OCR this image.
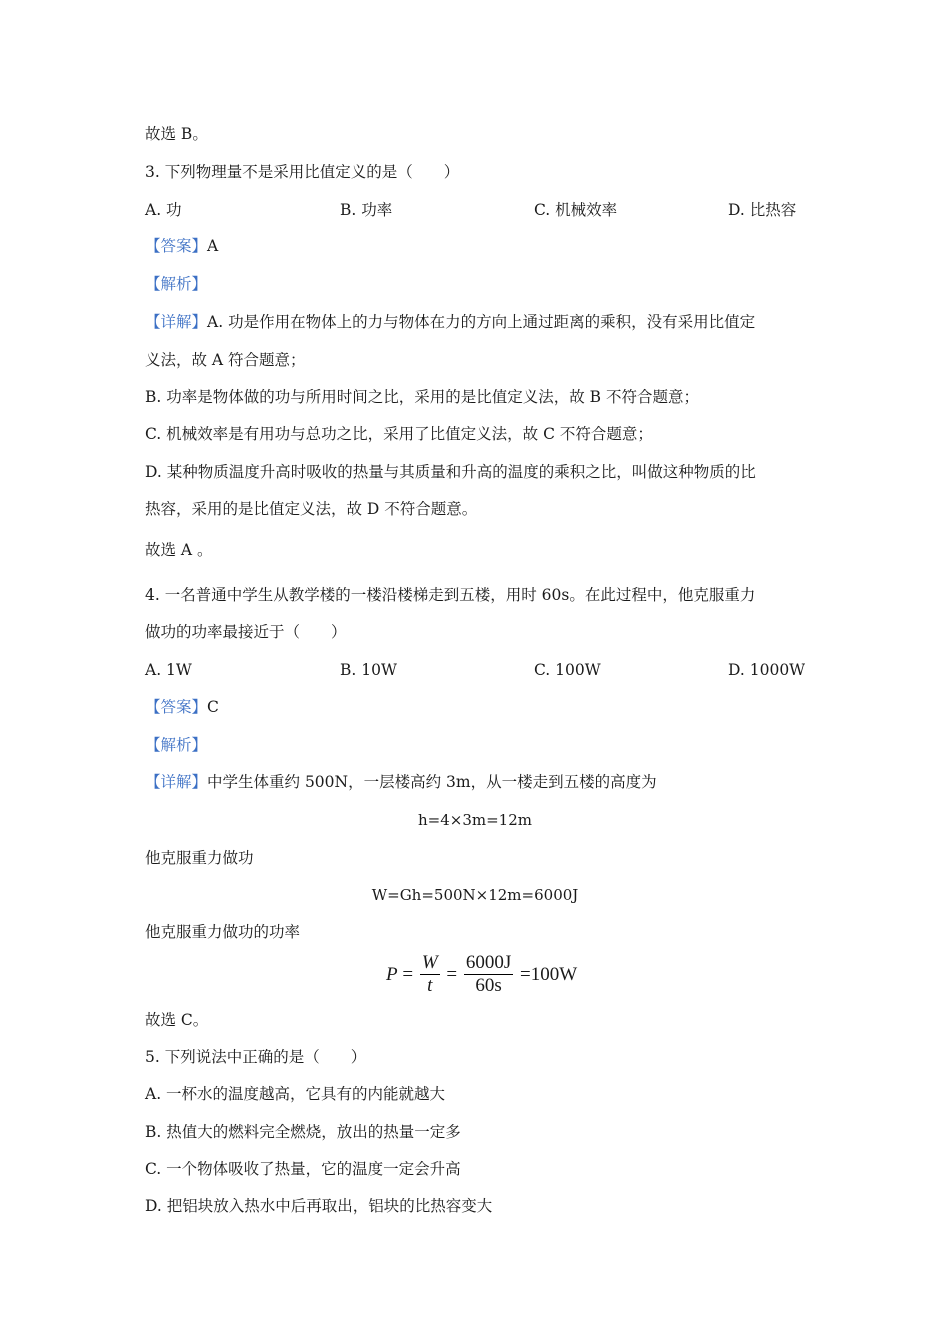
故选 B。
3. 下列物理量不是采用比值定义的是（　　）
A. 功	B. 功率	C. 机械效率	D. 比热容
【答案】A
【解析】
【详解】A. 功是作用在物体上的力与物体在力的方向上通过距离的乘积，没有采用比值定
义法，故 A 符合题意；
B. 功率是物体做的功与所用时间之比，采用的是比值定义法，故 B 不符合题意；
C. 机械效率是有用功与总功之比，采用了比值定义法，故 C 不符合题意；
D. 某种物质温度升高时吸收的热量与其质量和升高的温度的乘积之比，叫做这种物质的比
热容，采用的是比值定义法，故 D 不符合题意。
故选 A 。
4. 一名普通中学生从教学楼的一楼沿楼梯走到五楼，用时 60s。在此过程中，他克服重力
做功的功率最接近于（　　）
A. 1W	B. 10W	C. 100W	D. 1000W
【答案】C
【解析】
【详解】中学生体重约 500N，一层楼高约 3m，从一楼走到五楼的高度为
h=4×3m=12m
他克服重力做功
W=Gh=500N×12m=6000J
他克服重力做功的功率
$P = \frac{W}{t} = \frac{6000J}{60s} =100W$
故选 C。
5. 下列说法中正确的是（　　）
A. 一杯水的温度越高，它具有的内能就越大
B. 热值大的燃料完全燃烧，放出的热量一定多
C. 一个物体吸收了热量，它的温度一定会升高
D. 把铝块放入热水中后再取出，铝块的比热容变大
